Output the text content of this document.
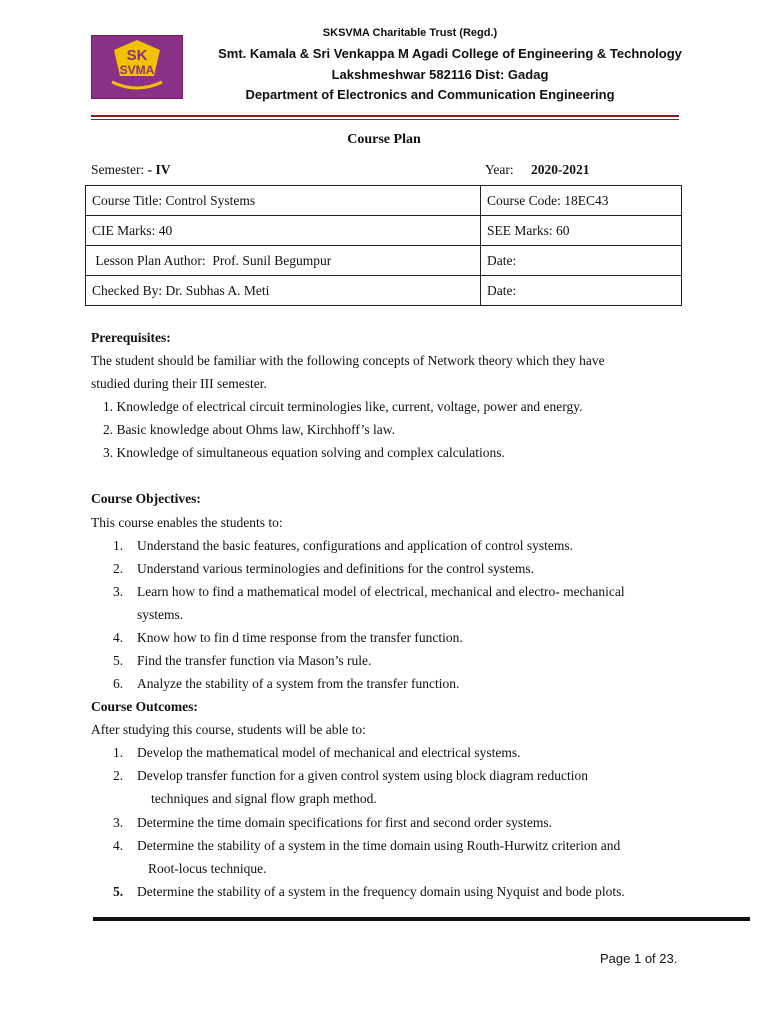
SK
SVMA
SKSVMA Charitable Trust (Regd.)
Smt. Kamala & Sri Venkappa M Agadi College of Engineering & Technology
Lakshmeshwar 582116 Dist: Gadag
Department of Electronics and Communication Engineering
Course Plan
Semester: - IV	Year: 2020-2021
Course Title: Control Systems	Course Code: 18EC43
CIE Marks: 40	SEE Marks: 60
Lesson Plan Author:  Prof. Sunil Begumpur	Date:
Checked By: Dr. Subhas A. Meti	Date:
Prerequisites:
The student should be familiar with the following concepts of Network theory which they have
studied during their III semester.
1. Knowledge of electrical circuit terminologies like, current, voltage, power and energy.
2. Basic knowledge about Ohms law, Kirchhoff’s law.
3. Knowledge of simultaneous equation solving and complex calculations.
Course Objectives:
This course enables the students to:
1. Understand the basic features, configurations and application of control systems.
2. Understand various terminologies and definitions for the control systems.
3. Learn how to find a mathematical model of electrical, mechanical and electro- mechanical
systems.
4. Know how to fin d time response from the transfer function.
5. Find the transfer function via Mason’s rule.
6. Analyze the stability of a system from the transfer function.
Course Outcomes:
After studying this course, students will be able to:
1. Develop the mathematical model of mechanical and electrical systems.
2. Develop transfer function for a given control system using block diagram reduction
techniques and signal flow graph method.
3. Determine the time domain specifications for first and second order systems.
4. Determine the stability of a system in the time domain using Routh-Hurwitz criterion and
Root-locus technique.
5. Determine the stability of a system in the frequency domain using Nyquist and bode plots.
Page 1 of 23.
